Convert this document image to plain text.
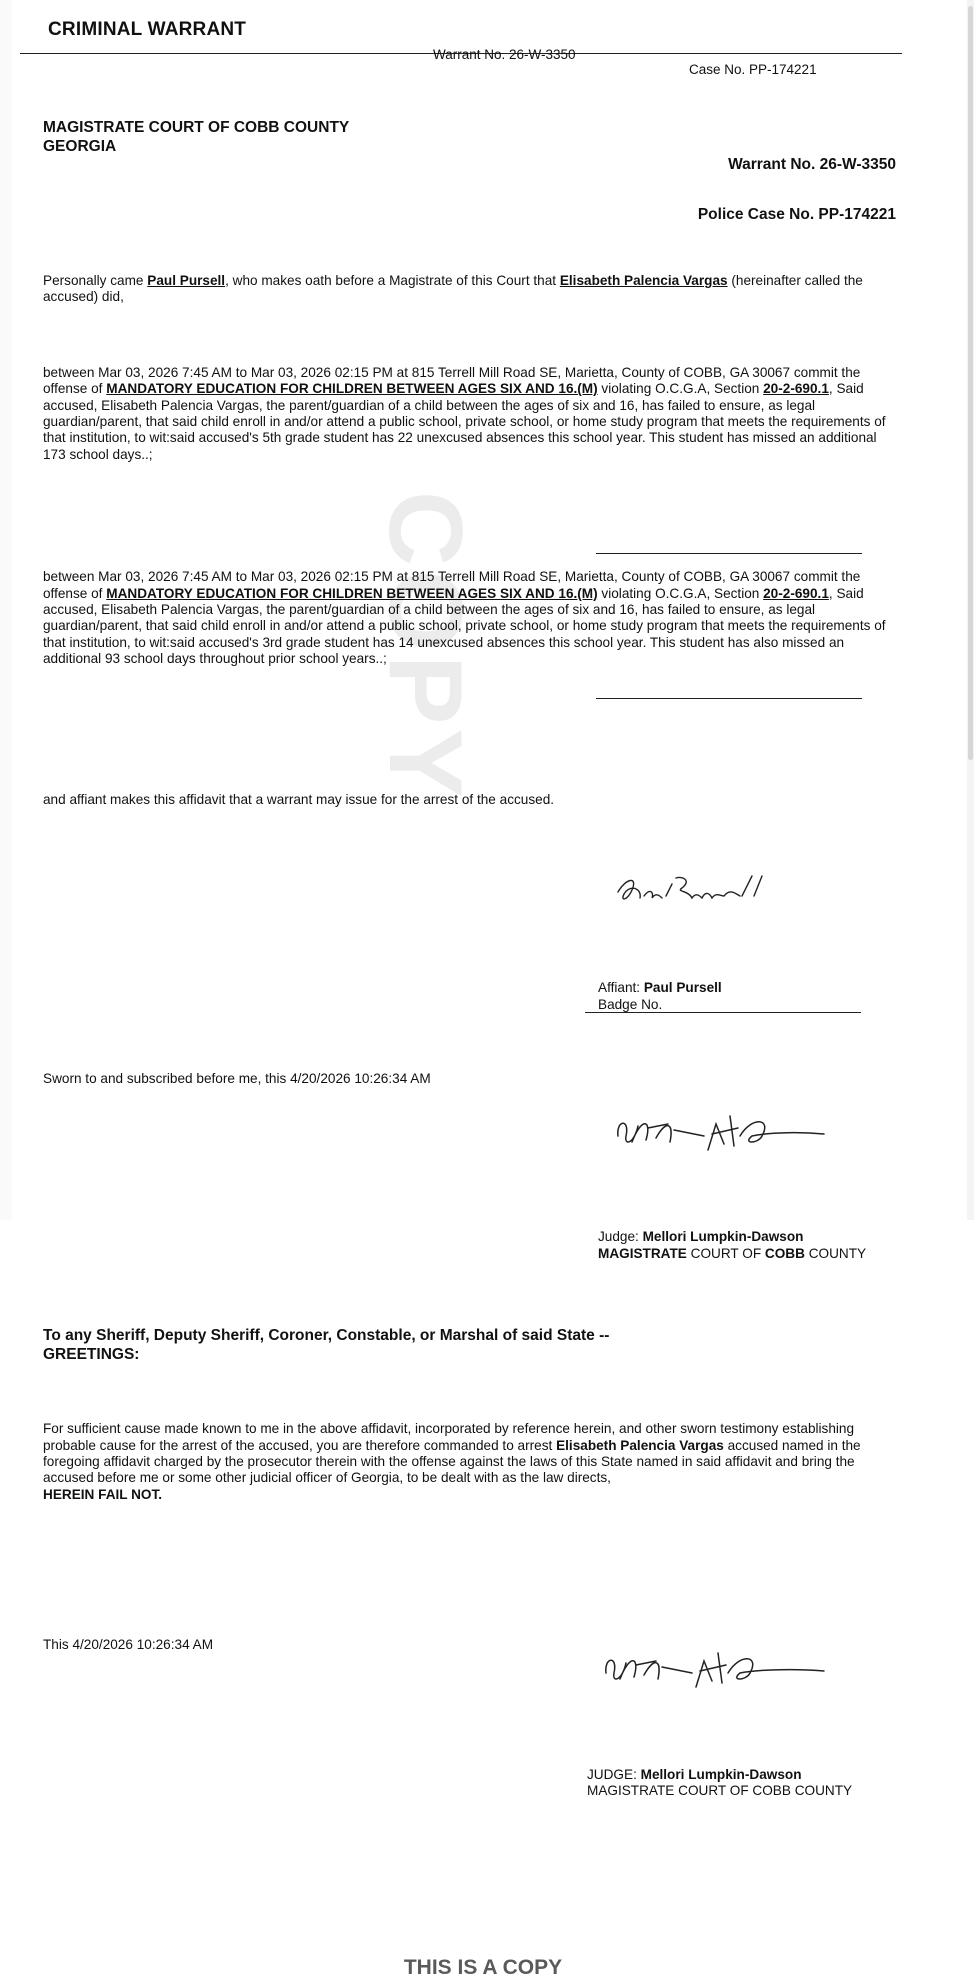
COPY
CRIMINAL WARRANT
Warrant No. 26-W-3350
Case No. PP-174221
MAGISTRATE COURT OF COBB COUNTY
GEORGIA
Warrant No. 26-W-3350
Police Case No. PP-174221
Personally came Paul Pursell, who makes oath before a Magistrate of this Court that Elisabeth Palencia Vargas (hereinafter called the accused) did,
between Mar 03, 2026 7:45 AM to Mar 03, 2026 02:15 PM at 815 Terrell Mill Road SE, Marietta, County of COBB, GA 30067 commit the offense of MANDATORY EDUCATION FOR CHILDREN BETWEEN AGES SIX AND 16.(M) violating O.C.G.A, Section 20-2-690.1, Said accused, Elisabeth Palencia Vargas, the parent/guardian of a child between the ages of six and 16, has failed to ensure, as legal guardian/parent, that said child enroll in and/or attend a public school, private school, or home study program that meets the requirements of that institution, to wit:said accused's 5th grade student has 22 unexcused absences this school year. This student has missed an additional 173 school days..;
between Mar 03, 2026 7:45 AM to Mar 03, 2026 02:15 PM at 815 Terrell Mill Road SE, Marietta, County of COBB, GA 30067 commit the offense of MANDATORY EDUCATION FOR CHILDREN BETWEEN AGES SIX AND 16.(M) violating O.C.G.A, Section 20-2-690.1, Said accused, Elisabeth Palencia Vargas, the parent/guardian of a child between the ages of six and 16, has failed to ensure, as legal guardian/parent, that said child enroll in and/or attend a public school, private school, or home study program that meets the requirements of that institution, to wit:said accused's 3rd grade student has 14 unexcused absences this school year. This student has also missed an additional 93 school days throughout prior school years..;
and affiant makes this affidavit that a warrant may issue for the arrest of the accused.
Affiant: Paul Pursell
Badge No.
Sworn to and subscribed before me, this 4/20/2026 10:26:34 AM
Judge: Mellori Lumpkin-Dawson
MAGISTRATE COURT OF COBB COUNTY
To any Sheriff, Deputy Sheriff, Coroner, Constable, or Marshal of said State --
GREETINGS:
For sufficient cause made known to me in the above affidavit, incorporated by reference herein, and other sworn testimony establishing probable cause for the arrest of the accused, you are therefore commanded to arrest Elisabeth Palencia Vargas accused named in the foregoing affidavit charged by the prosecutor therein with the offense against the laws of this State named in said affidavit and bring the accused before me or some other judicial officer of Georgia, to be dealt with as the law directs,
HEREIN FAIL NOT.
This 4/20/2026 10:26:34 AM
JUDGE: Mellori Lumpkin-Dawson
MAGISTRATE COURT OF COBB COUNTY
THIS IS A COPY
